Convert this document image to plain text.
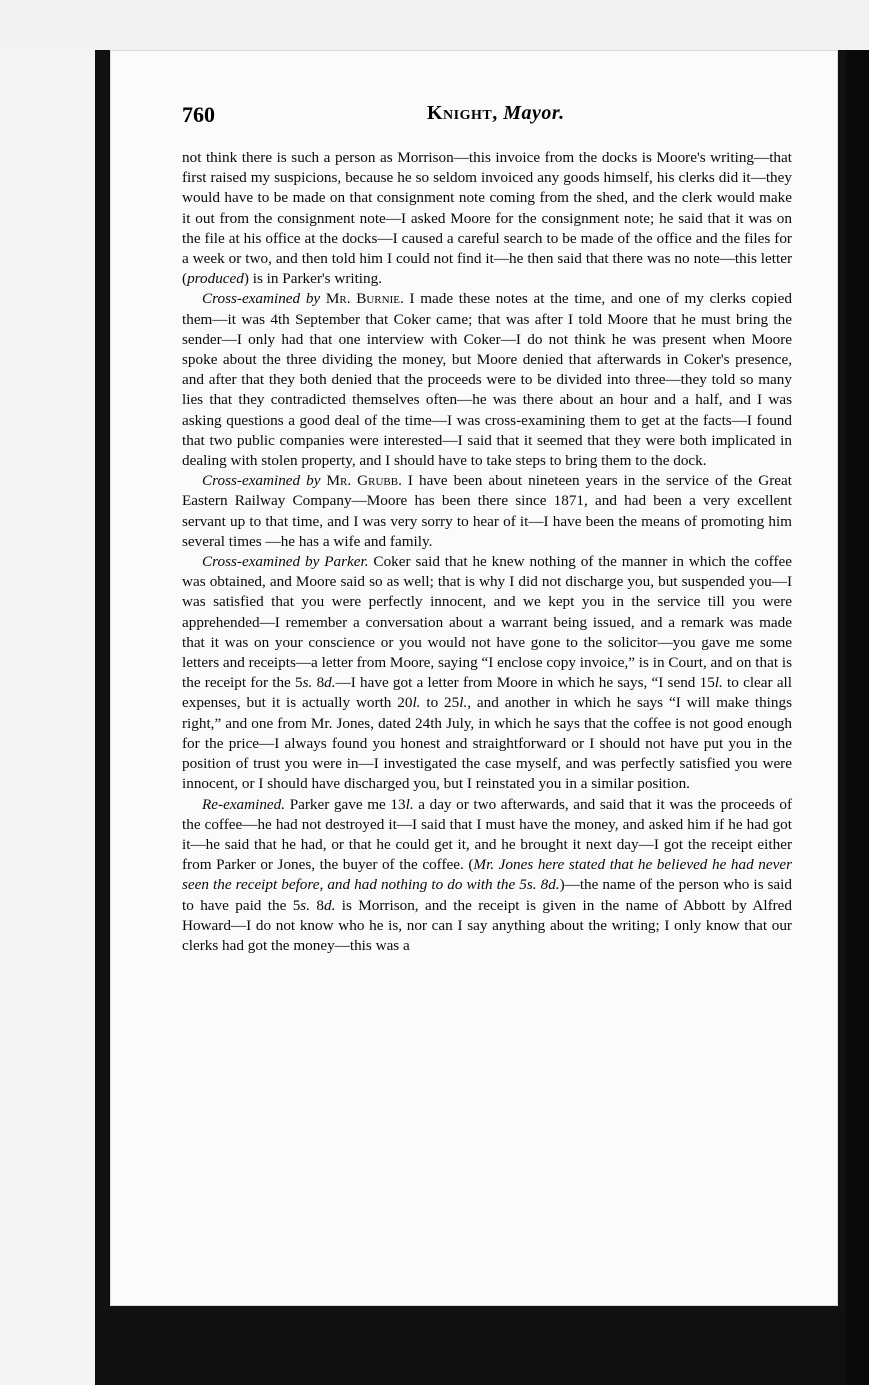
760	Knight, Mayor.

not think there is such a person as Morrison—this invoice from the docks is Moore's writing—that first raised my suspicions, because he so seldom invoiced any goods himself, his clerks did it—they would have to be made on that consignment note coming from the shed, and the clerk would make it out from the consignment note—I asked Moore for the consignment note; he said that it was on the file at his office at the docks—I caused a careful search to be made of the office and the files for a week or two, and then told him I could not find it—he then said that there was no note—this letter (produced) is in Parker's writing.

Cross-examined by Mr. Burnie. I made these notes at the time, and one of my clerks copied them—it was 4th September that Coker came; that was after I told Moore that he must bring the sender—I only had that one interview with Coker—I do not think he was present when Moore spoke about the three dividing the money, but Moore denied that afterwards in Coker's presence, and after that they both denied that the proceeds were to be divided into three—they told so many lies that they contradicted themselves often—he was there about an hour and a half, and I was asking questions a good deal of the time—I was cross-examining them to get at the facts—I found that two public companies were interested—I said that it seemed that they were both implicated in dealing with stolen property, and I should have to take steps to bring them to the dock.

Cross-examined by Mr. Grubb. I have been about nineteen years in the service of the Great Eastern Railway Company—Moore has been there since 1871, and had been a very excellent servant up to that time, and I was very sorry to hear of it—I have been the means of promoting him several times —he has a wife and family.

Cross-examined by Parker. Coker said that he knew nothing of the manner in which the coffee was obtained, and Moore said so as well; that is why I did not discharge you, but suspended you—I was satisfied that you were perfectly innocent, and we kept you in the service till you were apprehended—I remember a conversation about a warrant being issued, and a remark was made that it was on your conscience or you would not have gone to the solicitor—you gave me some letters and receipts—a letter from Moore, saying “I enclose copy invoice,” is in Court, and on that is the receipt for the 5s. 8d.—I have got a letter from Moore in which he says, “I send 15l. to clear all expenses, but it is actually worth 20l. to 25l., and another in which he says “I will make things right,” and one from Mr. Jones, dated 24th July, in which he says that the coffee is not good enough for the price—I always found you honest and straightforward or I should not have put you in the position of trust you were in—I investigated the case myself, and was perfectly satisfied you were innocent, or I should have discharged you, but I reinstated you in a similar position.

Re-examined. Parker gave me 13l. a day or two afterwards, and said that it was the proceeds of the coffee—he had not destroyed it—I said that I must have the money, and asked him if he had got it—he said that he had, or that he could get it, and he brought it next day—I got the receipt either from Parker or Jones, the buyer of the coffee. (Mr. Jones here stated that he believed he had never seen the receipt before, and had nothing to do with the 5s. 8d.)—the name of the person who is said to have paid the 5s. 8d. is Morrison, and the receipt is given in the name of Abbott by Alfred Howard—I do not know who he is, nor can I say anything about the writing; I only know that our clerks had got the money—this was a
